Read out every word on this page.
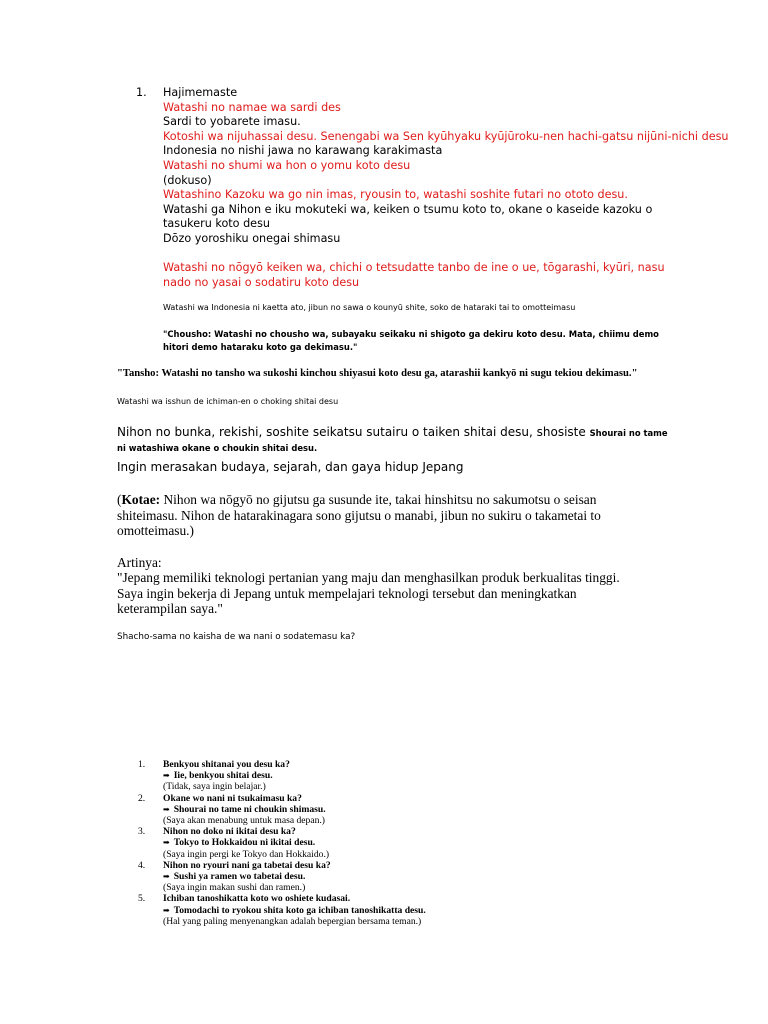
1. Hajimemaste
Watashi no namae wa sardi des
Sardi to yobarete imasu.
Kotoshi wa nijuhassai desu. Senengabi wa Sen kyūhyaku kyūjūroku-nen hachi-gatsu nijūni-nichi desu
Indonesia no nishi jawa no karawang karakimasta
Watashi no shumi wa hon o yomu koto desu
(dokuso)
Watashino Kazoku wa go nin imas, ryousin to, watashi soshite futari no ototo desu.
Watashi ga Nihon e iku mokuteki wa, keiken o tsumu koto to, okane o kaseide kazoku o tasukeru koto desu
Dōzo yoroshiku onegai shimasu
Watashi no nōgyō keiken wa, chichi o tetsudatte tanbo de ine o ue, tōgarashi, kyūri, nasu nado no yasai o sodatiru koto desu
Watashi wa Indonesia ni kaetta ato, jibun no sawa o kounyū shite, soko de hataraki tai to omotteimasu
"Chousho: Watashi no chousho wa, subayaku seikaku ni shigoto ga dekiru koto desu. Mata, chiimu demo hitori demo hataraku koto ga dekimasu."
"Tansho: Watashi no tansho wa sukoshi kinchou shiyasui koto desu ga, atarashii kankyō ni sugu tekiou dekimasu."
Watashi wa isshun de ichiman-en o choking shitai desu
Nihon no bunka, rekishi, soshite seikatsu sutairu o taiken shitai desu, shosiste Shourai no tame ni watashiwa okane o choukin shitai desu.
Ingin merasakan budaya, sejarah, dan gaya hidup Jepang
(Kotae: Nihon wa nōgyō no gijutsu ga susunde ite, takai hinshitsu no sakumotsu o seisan shiteimasu. Nihon de hatarakinagara sono gijutsu o manabi, jibun no sukiru o takametai to omotteimasu.)
Artinya:
"Jepang memiliki teknologi pertanian yang maju dan menghasilkan produk berkualitas tinggi. Saya ingin bekerja di Jepang untuk mempelajari teknologi tersebut dan meningkatkan keterampilan saya."
Shacho-sama no kaisha de wa nani o sodatemasu ka?
1. Benkyou shitanai you desu ka?
➡ Iie, benkyou shitai desu.
(Tidak, saya ingin belajar.)
2. Okane wo nani ni tsukaimasu ka?
➡ Shourai no tame ni choukin shimasu.
(Saya akan menabung untuk masa depan.)
3. Nihon no doko ni ikitai desu ka?
➡ Tokyo to Hokkaidou ni ikitai desu.
(Saya ingin pergi ke Tokyo dan Hokkaido.)
4. Nihon no ryouri nani ga tabetai desu ka?
➡ Sushi ya ramen wo tabetai desu.
(Saya ingin makan sushi dan ramen.)
5. Ichiban tanoshikatta koto wo oshiete kudasai.
➡ Tomodachi to ryokou shita koto ga ichiban tanoshikatta desu.
(Hal yang paling menyenangkan adalah bepergian bersama teman.)
